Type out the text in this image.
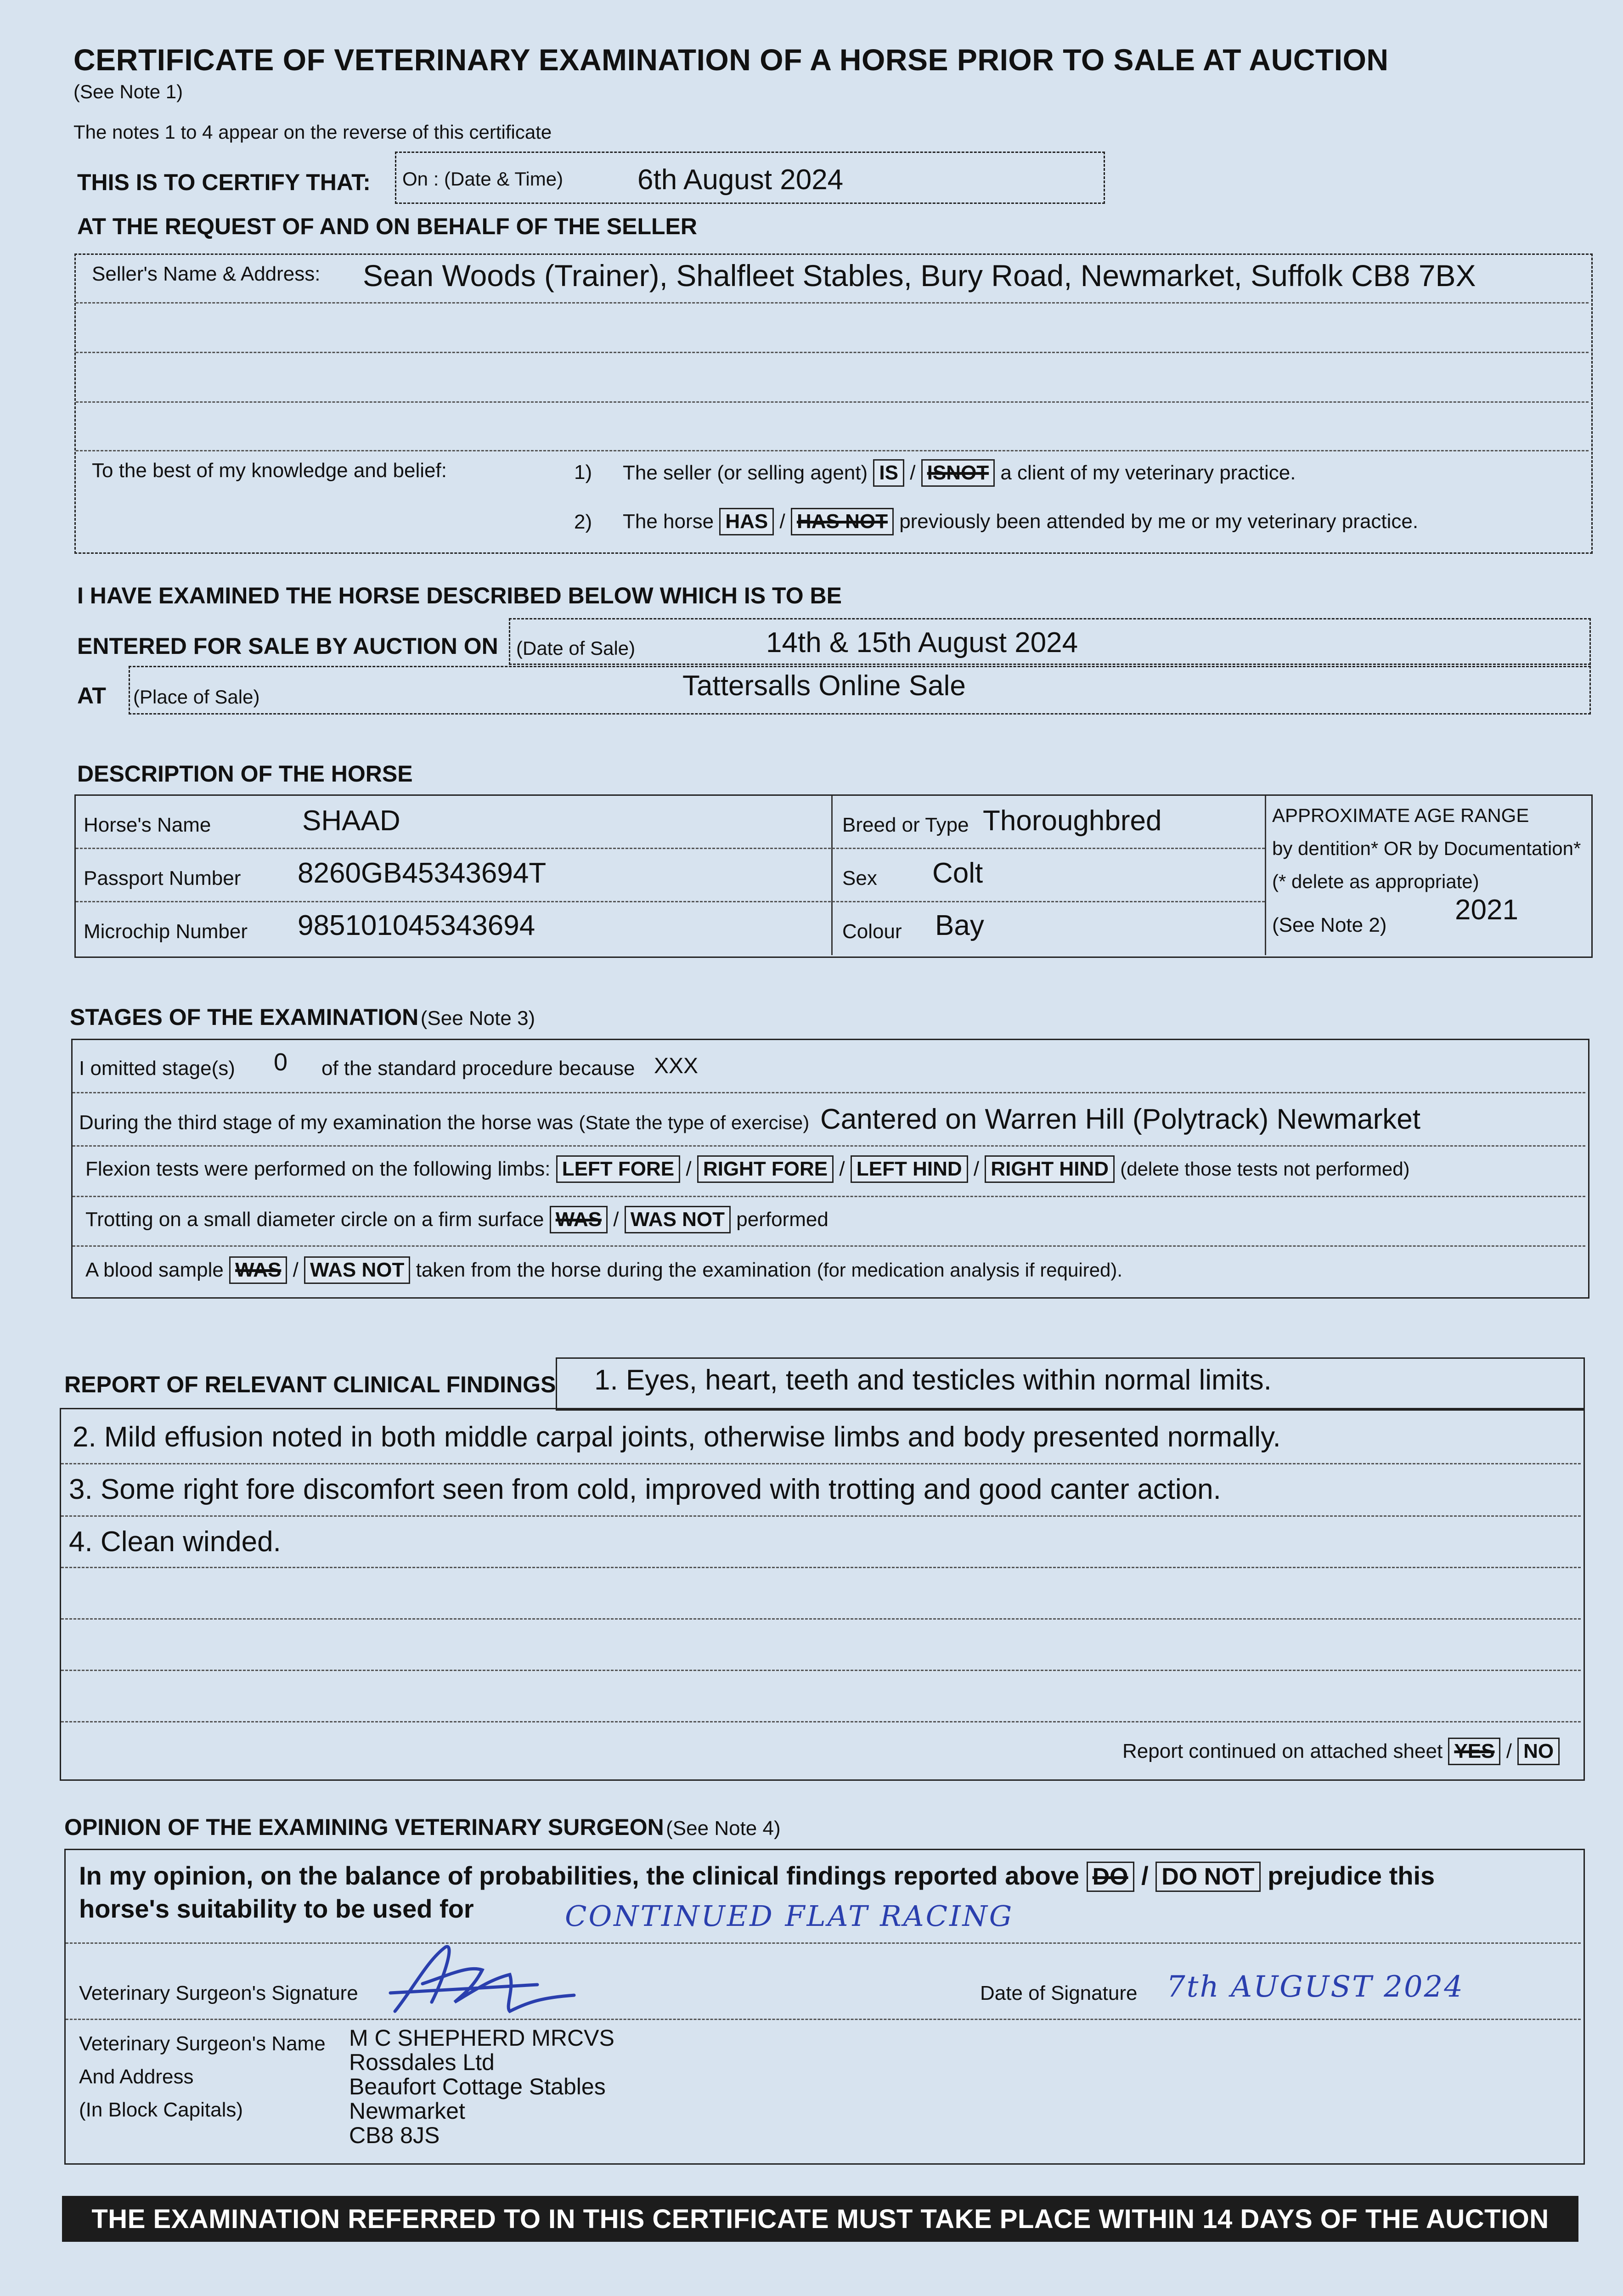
CERTIFICATE OF VETERINARY EXAMINATION OF A HORSE PRIOR TO SALE AT AUCTION
(See Note 1)
The notes 1 to 4 appear on the reverse of this certificate
THIS IS TO CERTIFY THAT: On : (Date & Time)	6th August 2024
AT THE REQUEST OF AND ON BEHALF OF THE SELLER
Seller's Name & Address: Sean Woods (Trainer), Shalfleet Stables, Bury Road, Newmarket, Suffolk CB8 7BX
To the best of my knowledge and belief:	1) The seller (or selling agent) IS / ISNOT a client of my veterinary practice.
2) The horse HAS / HAS NOT previously been attended by me or my veterinary practice.
I HAVE EXAMINED THE HORSE DESCRIBED BELOW WHICH IS TO BE
ENTERED FOR SALE BY AUCTION ON (Date of Sale)	14th & 15th August 2024
AT (Place of Sale)	Tattersalls Online Sale
DESCRIPTION OF THE HORSE
Horse's Name	SHAAD
Passport Number 8260GB45343694T
Microchip Number 985101045343694
Breed or Type Thoroughbred
Sex Colt
Colour Bay
APPROXIMATE AGE RANGE
by dentition* OR by Documentation*
(* delete as appropriate)
(See Note 2) 2021
STAGES OF THE EXAMINATION (See Note 3)
I omitted stage(s) 0 of the standard procedure because XXX
During the third stage of my examination the horse was (State the type of exercise) Cantered on Warren Hill (Polytrack) Newmarket
Flexion tests were performed on the following limbs: LEFT FORE / RIGHT FORE / LEFT HIND / RIGHT HIND (delete those tests not performed)
Trotting on a small diameter circle on a firm surface WAS / WAS NOT performed
A blood sample WAS / WAS NOT taken from the horse during the examination (for medication analysis if required).
REPORT OF RELEVANT CLINICAL FINDINGS 1. Eyes, heart, teeth and testicles within normal limits.
2. Mild effusion noted in both middle carpal joints, otherwise limbs and body presented normally.
3. Some right fore discomfort seen from cold, improved with trotting and good canter action.
4. Clean winded.
Report continued on attached sheet YES / NO
OPINION OF THE EXAMINING VETERINARY SURGEON (See Note 4)
In my opinion, on the balance of probabilities, the clinical findings reported above DO / DO NOT prejudice this
horse's suitability to be used for	CONTINUED FLAT RACING
Veterinary Surgeon's Signature	Date of Signature 7th AUGUST 2024
Veterinary Surgeon's Name
And Address
(In Block Capitals)
M C SHEPHERD MRCVS
Rossdales Ltd
Beaufort Cottage Stables
Newmarket
CB8 8JS
THE EXAMINATION REFERRED TO IN THIS CERTIFICATE MUST TAKE PLACE WITHIN 14 DAYS OF THE AUCTION
